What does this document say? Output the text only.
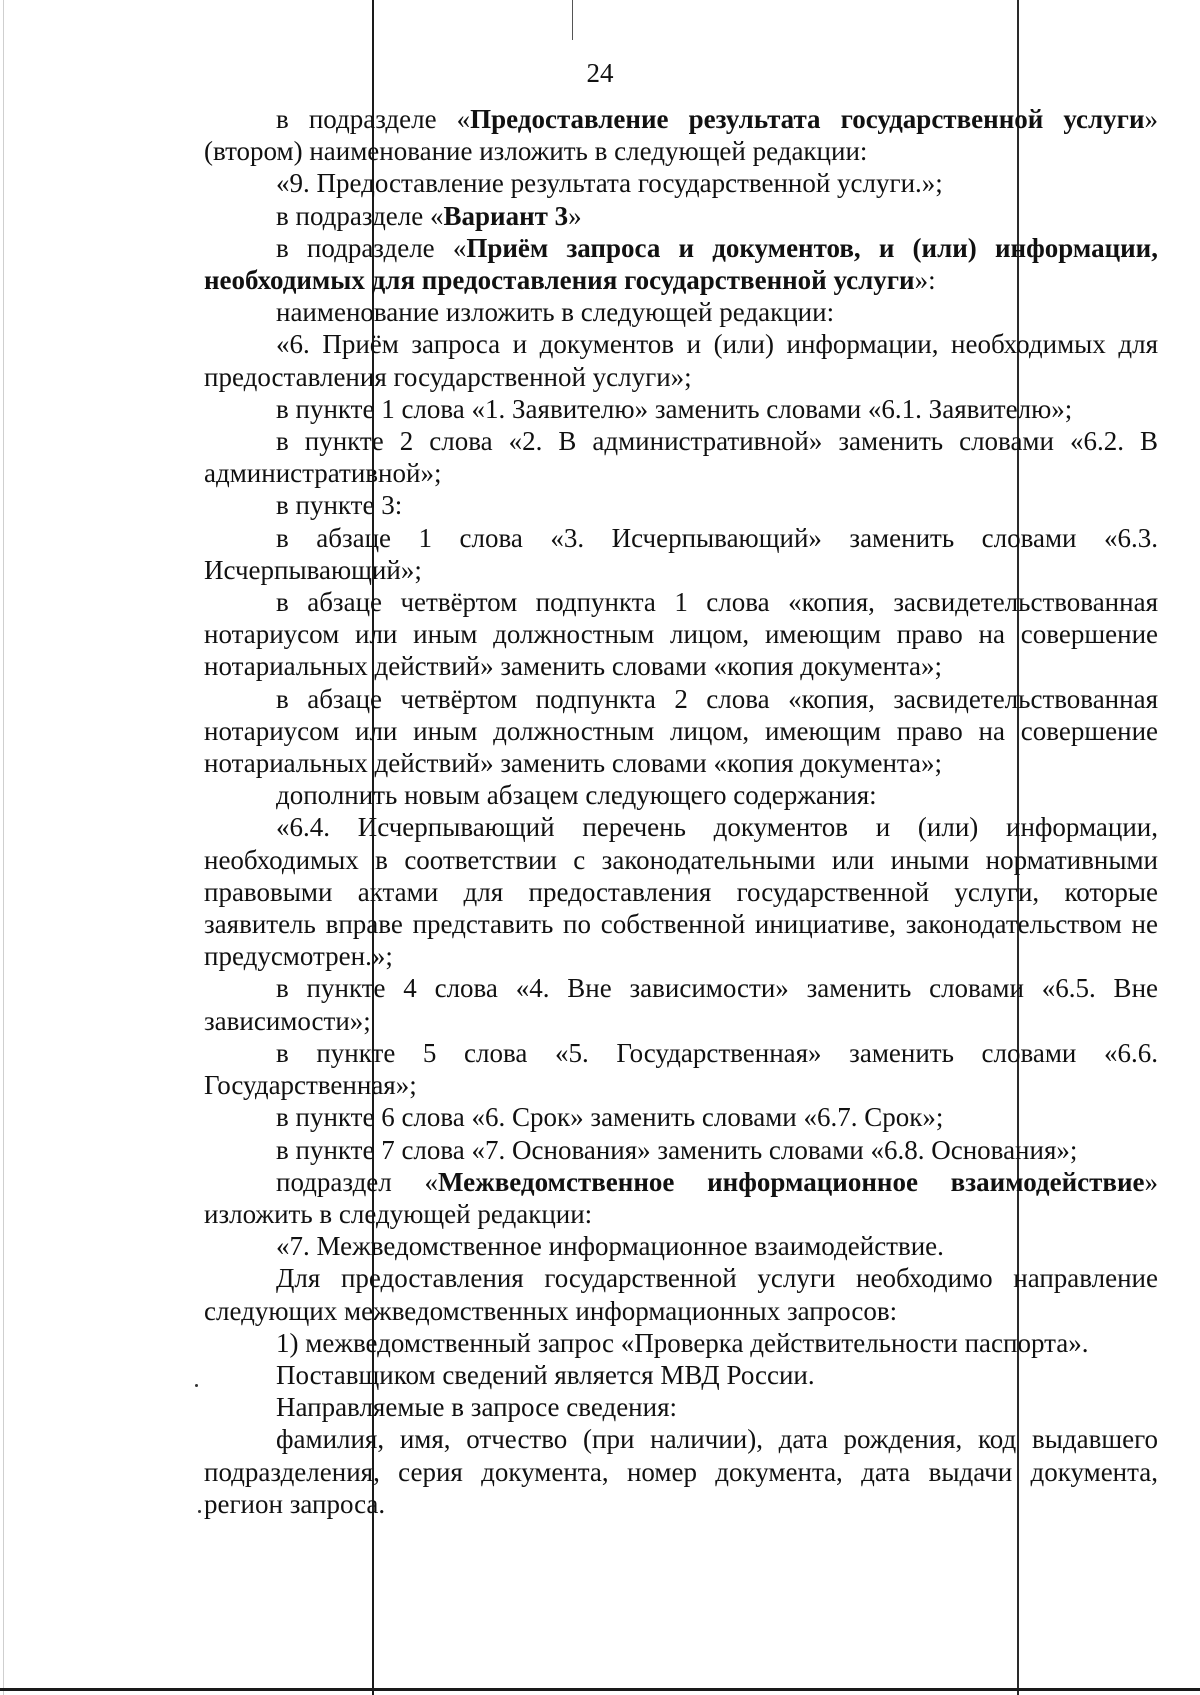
24

в подразделе «Предоставление результата государственной услуги» (втором) наименование изложить в следующей редакции:

«9. Предоставление результата государственной услуги.»;

в подразделе «Вариант 3»

в подразделе «Приём запроса и документов, и (или) информации, необходимых для предоставления государственной услуги»:

наименование изложить в следующей редакции:

«6. Приём запроса и документов и (или) информации, необходимых для предоставления государственной услуги»;

в пункте 1 слова «1. Заявителю» заменить словами «6.1. Заявителю»;

в пункте 2 слова «2. В административной» заменить словами «6.2. В административной»;

в пункте 3:

в абзаце 1 слова «3. Исчерпывающий» заменить словами «6.3. Исчерпывающий»;

в абзаце четвёртом подпункта 1 слова «копия, засвидетельствованная нотариусом или иным должностным лицом, имеющим право на совершение нотариальных действий» заменить словами «копия документа»;

в абзаце четвёртом подпункта 2 слова «копия, засвидетельствованная нотариусом или иным должностным лицом, имеющим право на совершение нотариальных действий» заменить словами «копия документа»;

дополнить новым абзацем следующего содержания:

«6.4. Исчерпывающий перечень документов и (или) информации, необходимых в соответствии с законодательными или иными нормативными правовыми актами для предоставления государственной услуги, которые заявитель вправе представить по собственной инициативе, законодательством не предусмотрен.»;

в пункте 4 слова «4. Вне зависимости» заменить словами «6.5. Вне зависимости»;

в пункте 5 слова «5. Государственная» заменить словами «6.6. Государственная»;

в пункте 6 слова «6. Срок» заменить словами «6.7. Срок»;

в пункте 7 слова «7. Основания» заменить словами «6.8. Основания»;

подраздел «Межведомственное информационное взаимодействие» изложить в следующей редакции:

«7. Межведомственное информационное взаимодействие.

Для предоставления государственной услуги необходимо направление следующих межведомственных информационных запросов:

1) межведомственный запрос «Проверка действительности паспорта».

Поставщиком сведений является МВД России.

Направляемые в запросе сведения:

фамилия, имя, отчество (при наличии), дата рождения, код выдавшего подразделения, серия документа, номер документа, дата выдачи документа, регион запроса.
